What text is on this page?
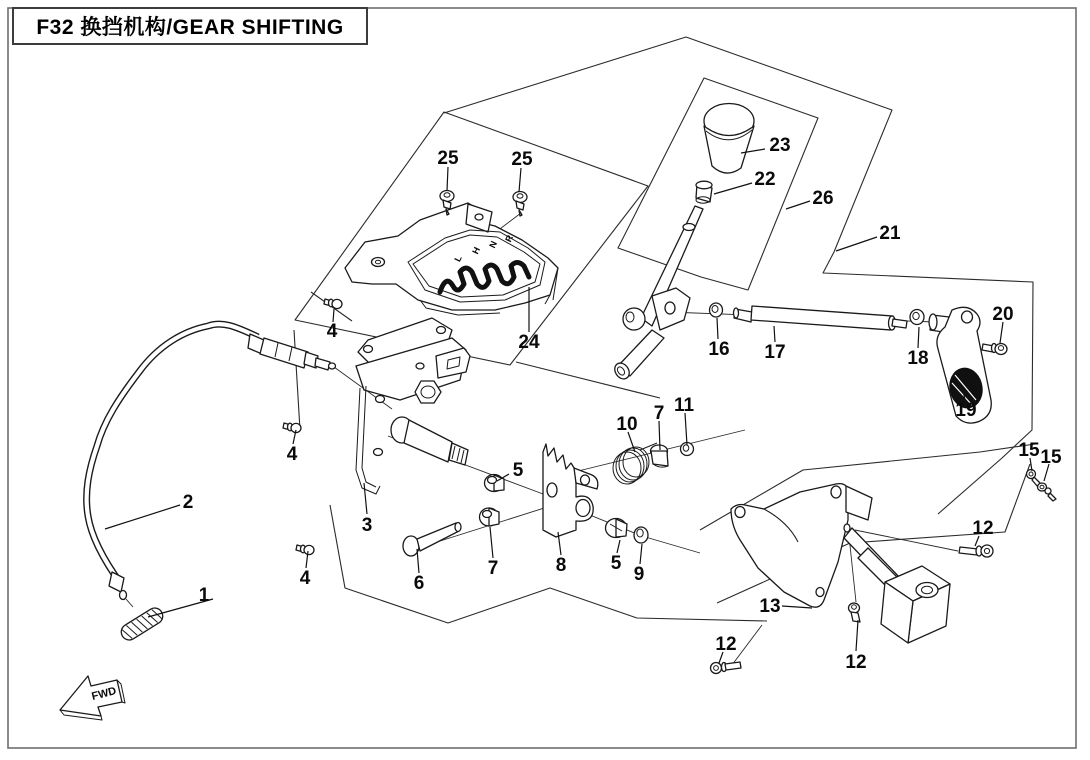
L
H
N
R
FWD
1
2
3
4
4
4
5
5
6
7
7	8	9
10
11
12
12
12
13
15 15
16 17	18
19
20
21
22
23
24
25	25
26
F32 换挡机构/GEAR SHIFTING
